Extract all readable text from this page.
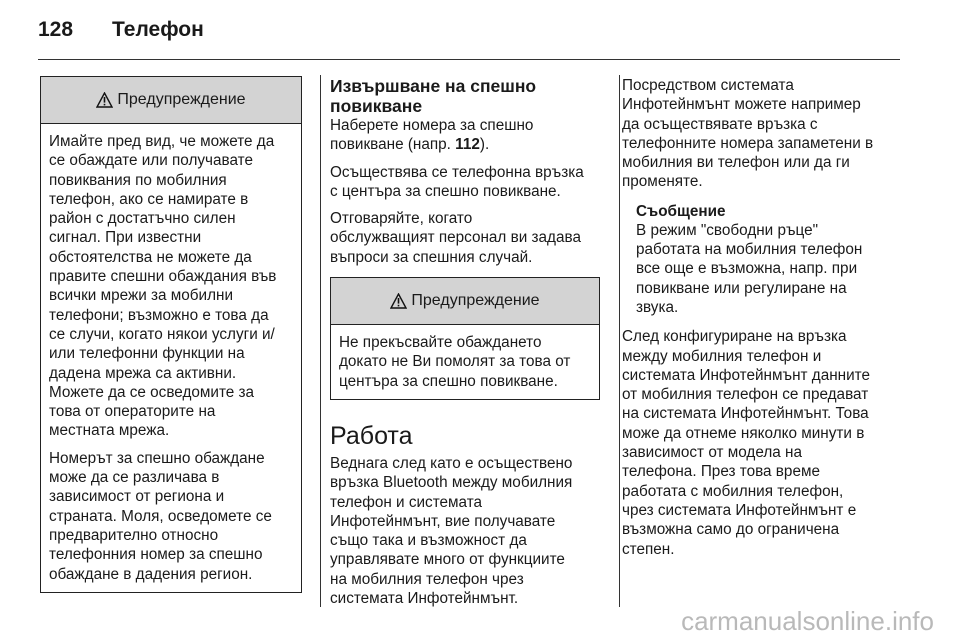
128 Телефон
Предупреждение

Имайте пред вид, че можете да
се обаждате или получавате
повиквания по мобилния
телефон, ако се намирате в
район с достатъчно силен
сигнал. При известни
обстоятелства не можете да
правите спешни обаждания във
всички мрежи за мобилни
телефони; възможно е това да
се случи, когато някои услуги и/
или телефонни функции на
дадена мрежа са активни.
Можете да се осведомите за
това от операторите на
местната мрежа.

Номерът за спешно обаждане
може да се различава в
зависимост от региона и
страната. Моля, осведомете се
предварително относно
телефонния номер за спешно
обаждане в дадения регион.

Извършване на спешно
повикване

Наберете номера за спешно
повикване (напр. 112).

Осъществява се телефонна връзка
с центъра за спешно повикване.

Отговаряйте, когато
обслужващият персонал ви задава
въпроси за спешния случай.

Предупреждение

Не прекъсвайте обаждането
докато не Ви помолят за това от
центъра за спешно повикване.

Работа

Веднага след като е осъществено
връзка Bluetooth между мобилния
телефон и системата
Инфотейнмънт, вие получавате
също така и възможност да
управлявате много от функциите
на мобилния телефон чрез
системата Инфотейнмънт.

Посредством системата
Инфотейнмънт можете например
да осъществявате връзка с
телефонните номера запаметени в
мобилния ви телефон или да ги
променяте.

Съобщение

В режим "свободни ръце"
работата на мобилния телефон
все още е възможна, напр. при
повикване или регулиране на
звука.

След конфигуриране на връзка
между мобилния телефон и
системата Инфотейнмънт данните
от мобилния телефон се предават
на системата Инфотейнмънт. Това
може да отнеме няколко минути в
зависимост от модела на
телефона. През това време
работата с мобилния телефон,
чрез системата Инфотейнмънт е
възможна само до ограничена
степен.

carmanualsonline.info
